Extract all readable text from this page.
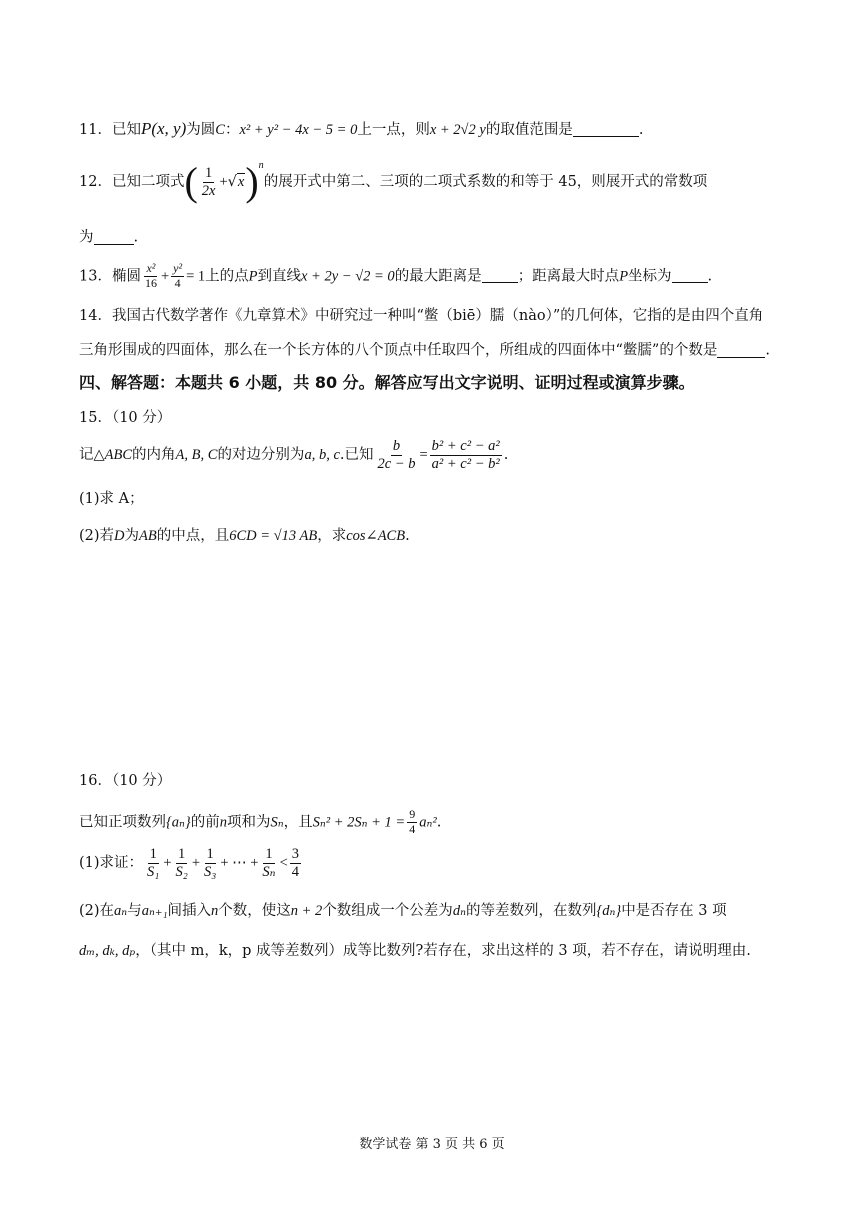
11．已知P(x, y)为圆C：x² + y² − 4x − 5 = 0上一点，则x + 2√2 y的取值范围是	.
12．已知二项式( $\frac{1}{2x} +√x)^n$的展开式中第二、三项的二项式系数的和等于 45，则展开式的常数项
为	.
13．椭圆 $\frac{\text{x²}}{16} + \frac{\text{y²}}{4} = 1$上的点P到直线x + 2y − √2 = 0的最大距离是 ；距离最大时点P坐标为 .
14．我国古代数学著作《九章算术》中研究过一种叫“鳖（biē）臑（nào）”的几何体，它指的是由四个直角
三角形围成的四面体，那么在一个长方体的八个顶点中任取四个，所组成的四面体中“鳖臑”的个数是	.
四、解答题：本题共 6 小题，共 80 分。解答应写出文字说明、证明过程或演算步骤。
15．（10 分）
记△ABC的内角A, B, C的对边分别为a, b, c.已知 $\frac{b}{2c - b} = \frac{\text{b² + c² − a²}}{\text{a² + c² − b²}}$ .
(1)求 A；
(2)若D为AB的中点，且6CD = √13 AB，求cos∠ACB.
16．（10 分）
已知正项数列{aₙ}的前n项和为Sₙ，且$S_n^2 + 2S_n + 1 = \frac{9}{4} a_n^2$.
(1)求证： $\frac{1}{\text{S₁}} + \frac{1}{\text{S₂}} + \frac{1}{\text{S₃}}$ + ⋯ + $\frac{1}{\text{Sₙ}} < \frac{3}{4}$
(2)在aₙ与aₙ₊₁间插入n个数，使这n + 2个数组成一个公差为dₙ的等差数列，在数列{dₙ}中是否存在 3 项
dₘ, dₖ, dₚ，（其中 m，k，p 成等差数列）成等比数列?若存在，求出这样的 3 项，若不存在，请说明理由.
数学试卷 第 3 页 共 6 页
